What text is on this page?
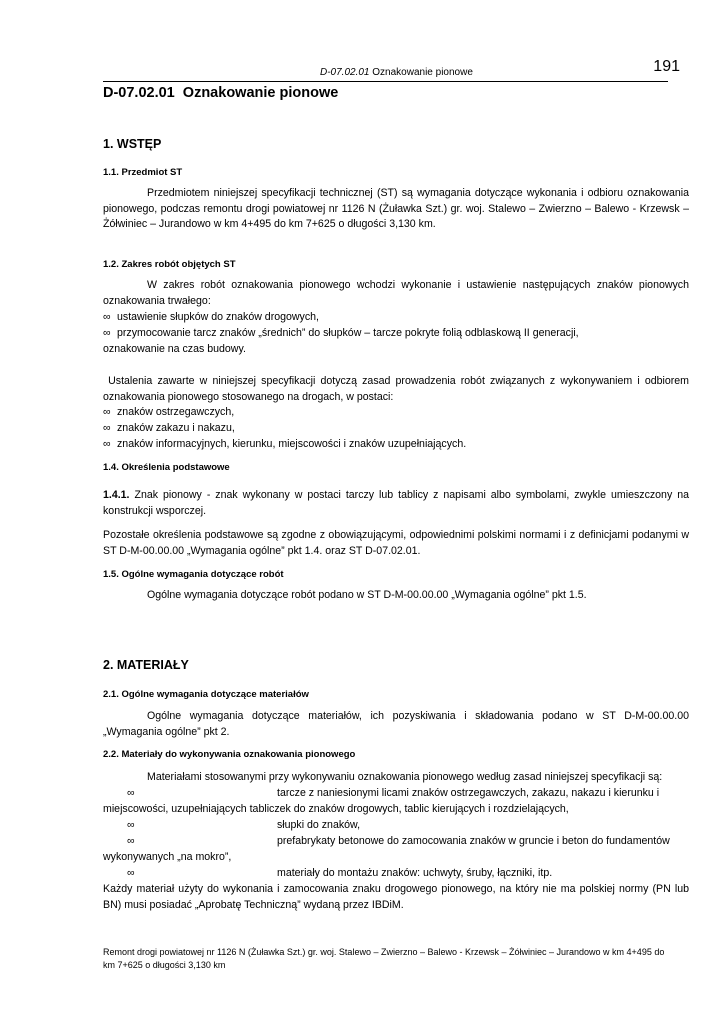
D-07.02.01 Oznakowanie pionowe	191
D-07.02.01  Oznakowanie pionowe
1. WSTĘP
1.1. Przedmiot ST
Przedmiotem niniejszej specyfikacji technicznej (ST) są wymagania dotyczące wykonania i odbioru oznakowania pionowego, podczas remontu drogi powiatowej nr 1126 N (Żuławka Szt.) gr. woj. Stalewo – Zwierzno – Balewo - Krzewsk – Żółwiniec – Jurandowo w km 4+495 do km 7+625 o długości 3,130 km.
1.2. Zakres robót objętych ST
W zakres robót oznakowania pionowego wchodzi wykonanie i ustawienie następujących znaków pionowych oznakowania trwałego:
∞ ustawienie słupków do znaków drogowych,
∞ przymocowanie tarcz znaków „średnich” do słupków – tarcze pokryte folią odblaskową II generacji,
oznakowanie na czas budowy.
Ustalenia zawarte w niniejszej specyfikacji dotyczą zasad prowadzenia robót związanych z wykonywaniem i odbiorem oznakowania pionowego stosowanego na drogach, w postaci:
∞ znaków ostrzegawczych,
∞ znaków zakazu i nakazu,
∞ znaków informacyjnych, kierunku, miejscowości i znaków uzupełniających.
1.4. Określenia podstawowe
1.4.1. Znak pionowy - znak wykonany w postaci tarczy lub tablicy z napisami albo symbolami, zwykle umieszczony na konstrukcji wsporczej.
Pozostałe określenia podstawowe są zgodne z obowiązującymi, odpowiednimi polskimi normami i z definicjami podanymi w ST D-M-00.00.00 „Wymagania ogólne” pkt 1.4. oraz ST D-07.02.01.
1.5. Ogólne wymagania dotyczące robót
Ogólne wymagania dotyczące robót podano w ST D-M-00.00.00 „Wymagania ogólne” pkt 1.5.
2. MATERIAŁY
2.1. Ogólne wymagania dotyczące materiałów
Ogólne wymagania dotyczące materiałów, ich pozyskiwania i składowania podano w ST D-M-00.00.00 „Wymagania ogólne” pkt 2.
2.2. Materiały do wykonywania oznakowania pionowego
Materiałami stosowanymi przy wykonywaniu oznakowania pionowego według zasad niniejszej specyfikacji są:
∞	tarcze z naniesionymi licami znaków ostrzegawczych, zakazu, nakazu i kierunku i
miejscowości, uzupełniających tabliczek do znaków drogowych, tablic kierujących i rozdzielających,
∞	słupki do znaków,
∞	prefabrykaty betonowe do zamocowania znaków w gruncie i beton do fundamentów
wykonywanych „na mokro”,
∞	materiały do montażu znaków: uchwyty, śruby, łączniki, itp.
Każdy materiał użyty do wykonania i zamocowania znaku drogowego pionowego, na który nie ma polskiej normy (PN lub BN) musi posiadać „Aprobatę Techniczną” wydaną przez IBDiM.
Remont drogi powiatowej nr 1126 N (Żuławka Szt.) gr. woj. Stalewo – Zwierzno – Balewo - Krzewsk – Żółwiniec – Jurandowo w km 4+495 do
km 7+625 o długości 3,130 km
